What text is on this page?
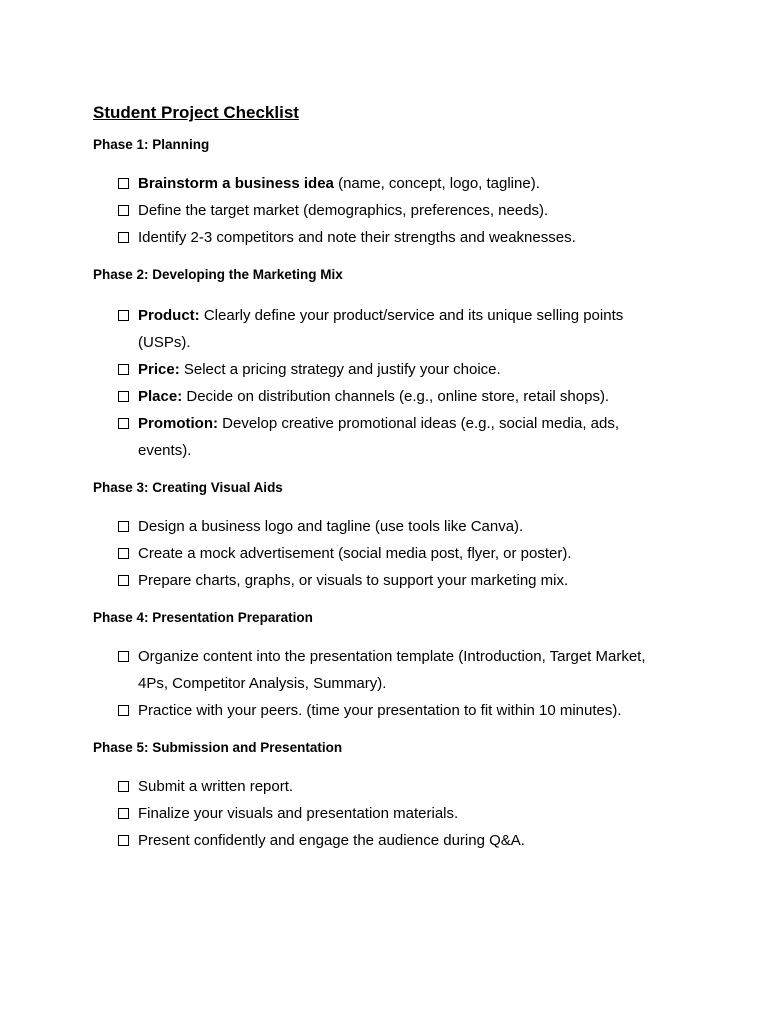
Student Project Checklist
Phase 1: Planning
Brainstorm a business idea (name, concept, logo, tagline).
Define the target market (demographics, preferences, needs).
Identify 2-3 competitors and note their strengths and weaknesses.
Phase 2: Developing the Marketing Mix
Product: Clearly define your product/service and its unique selling points (USPs).
Price: Select a pricing strategy and justify your choice.
Place: Decide on distribution channels (e.g., online store, retail shops).
Promotion: Develop creative promotional ideas (e.g., social media, ads, events).
Phase 3: Creating Visual Aids
Design a business logo and tagline (use tools like Canva).
Create a mock advertisement (social media post, flyer, or poster).
Prepare charts, graphs, or visuals to support your marketing mix.
Phase 4: Presentation Preparation
Organize content into the presentation template (Introduction, Target Market, 4Ps, Competitor Analysis, Summary).
Practice with your peers. (time your presentation to fit within 10 minutes).
Phase 5: Submission and Presentation
Submit a written report.
Finalize your visuals and presentation materials.
Present confidently and engage the audience during Q&A.
